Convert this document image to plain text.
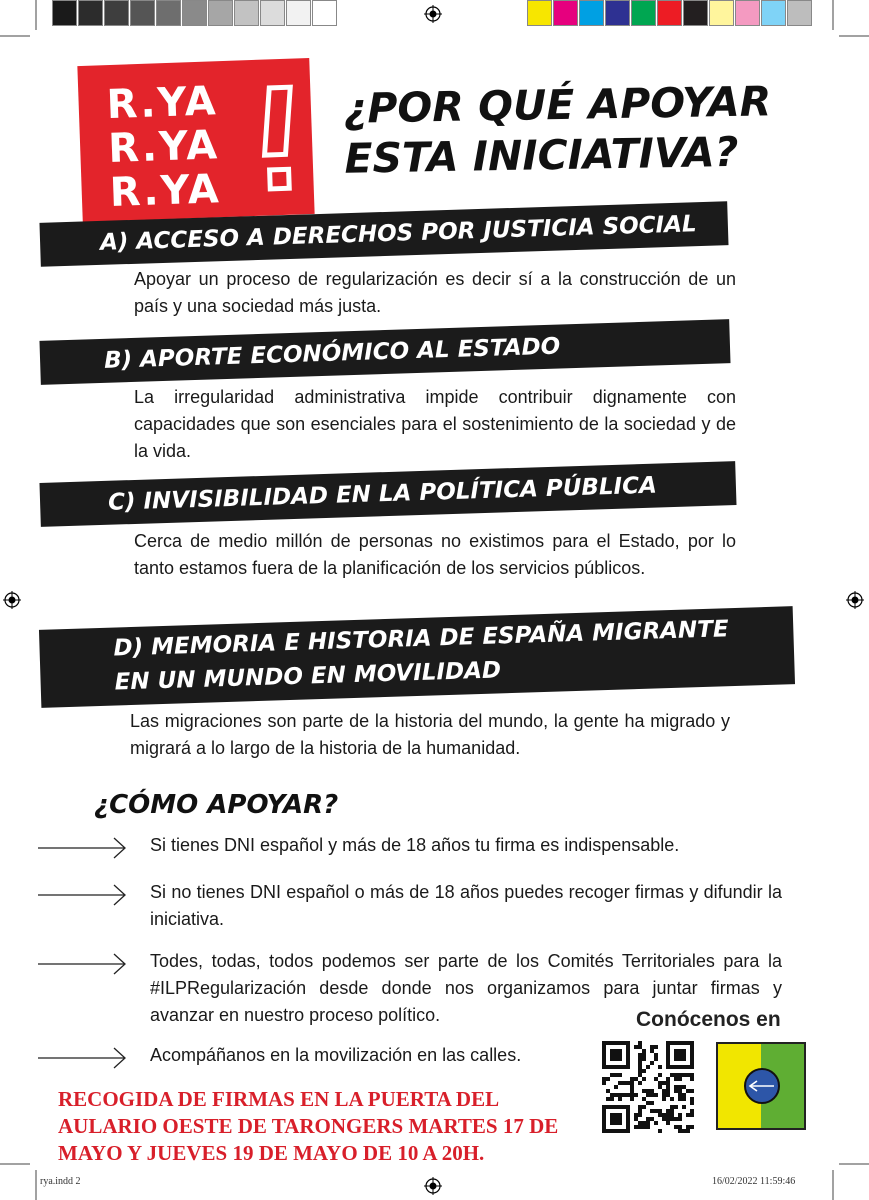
R.YA
R.YA
R.YA
¿POR QUÉ APOYAR
ESTA INICIATIVA?
A) ACCESO A DERECHOS POR JUSTICIA SOCIAL
Apoyar un proceso de regularización es decir sí a la construcción de un país y una sociedad más justa.
B) APORTE ECONÓMICO AL ESTADO
La irregularidad administrativa impide contribuir dignamente con capacidades que son esenciales para el sostenimiento de la sociedad y de la vida.
C) INVISIBILIDAD EN LA POLÍTICA PÚBLICA
Cerca de medio millón de personas no existimos para el Estado, por lo tanto estamos fuera de la planificación de los servicios públicos.
D) MEMORIA E HISTORIA DE ESPAÑA MIGRANTE
EN UN MUNDO EN MOVILIDAD
Las migraciones son parte de la historia del mundo, la gente ha migrado y migrará a lo largo de la historia de la humanidad.
¿CÓMO APOYAR?
Si tienes DNI español y más de 18 años tu firma es indispensable.
Si no tienes DNI español o más de 18 años puedes recoger firmas y difundir la iniciativa.
Todes, todas, todos podemos ser parte de los Comités Territoriales para la #ILPRegularización desde donde nos organizamos para juntar firmas y avanzar en nuestro proceso político.
Acompáñanos en la movilización en las calles.
RECOGIDA DE FIRMAS EN LA PUERTA DEL AULARIO OESTE DE TARONGERS MARTES 17 DE MAYO Y JUEVES 19 DE MAYO DE 10 A 20H.
Conócenos en
rya.indd 2	16/02/2022 11:59:46
